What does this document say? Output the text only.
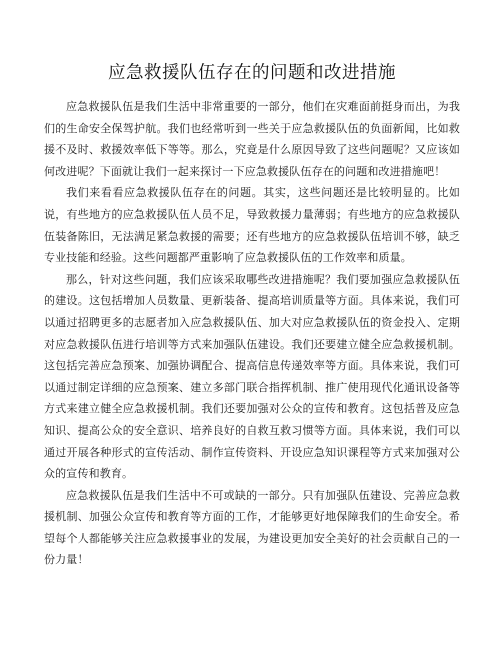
应急救援队伍存在的问题和改进措施

应急救援队伍是我们生活中非常重要的一部分，他们在灾难面前挺身而出，为我们的生命安全保驾护航。我们也经常听到一些关于应急救援队伍的负面新闻，比如救援不及时、救援效率低下等等。那么，究竟是什么原因导致了这些问题呢？又应该如何改进呢？下面就让我们一起来探讨一下应急救援队伍存在的问题和改进措施吧！

我们来看看应急救援队伍存在的问题。其实，这些问题还是比较明显的。比如说，有些地方的应急救援队伍人员不足，导致救援力量薄弱；有些地方的应急救援队伍装备陈旧，无法满足紧急救援的需要；还有些地方的应急救援队伍培训不够，缺乏专业技能和经验。这些问题都严重影响了应急救援队伍的工作效率和质量。

那么，针对这些问题，我们应该采取哪些改进措施呢？我们要加强应急救援队伍的建设。这包括增加人员数量、更新装备、提高培训质量等方面。具体来说，我们可以通过招聘更多的志愿者加入应急救援队伍、加大对应急救援队伍的资金投入、定期对应急救援队伍进行培训等方式来加强队伍建设。我们还要建立健全应急救援机制。这包括完善应急预案、加强协调配合、提高信息传递效率等方面。具体来说，我们可以通过制定详细的应急预案、建立多部门联合指挥机制、推广使用现代化通讯设备等方式来建立健全应急救援机制。我们还要加强对公众的宣传和教育。这包括普及应急知识、提高公众的安全意识、培养良好的自救互救习惯等方面。具体来说，我们可以通过开展各种形式的宣传活动、制作宣传资料、开设应急知识课程等方式来加强对公众的宣传和教育。

应急救援队伍是我们生活中不可或缺的一部分。只有加强队伍建设、完善应急救援机制、加强公众宣传和教育等方面的工作，才能够更好地保障我们的生命安全。希望每个人都能够关注应急救援事业的发展，为建设更加安全美好的社会贡献自己的一份力量！
